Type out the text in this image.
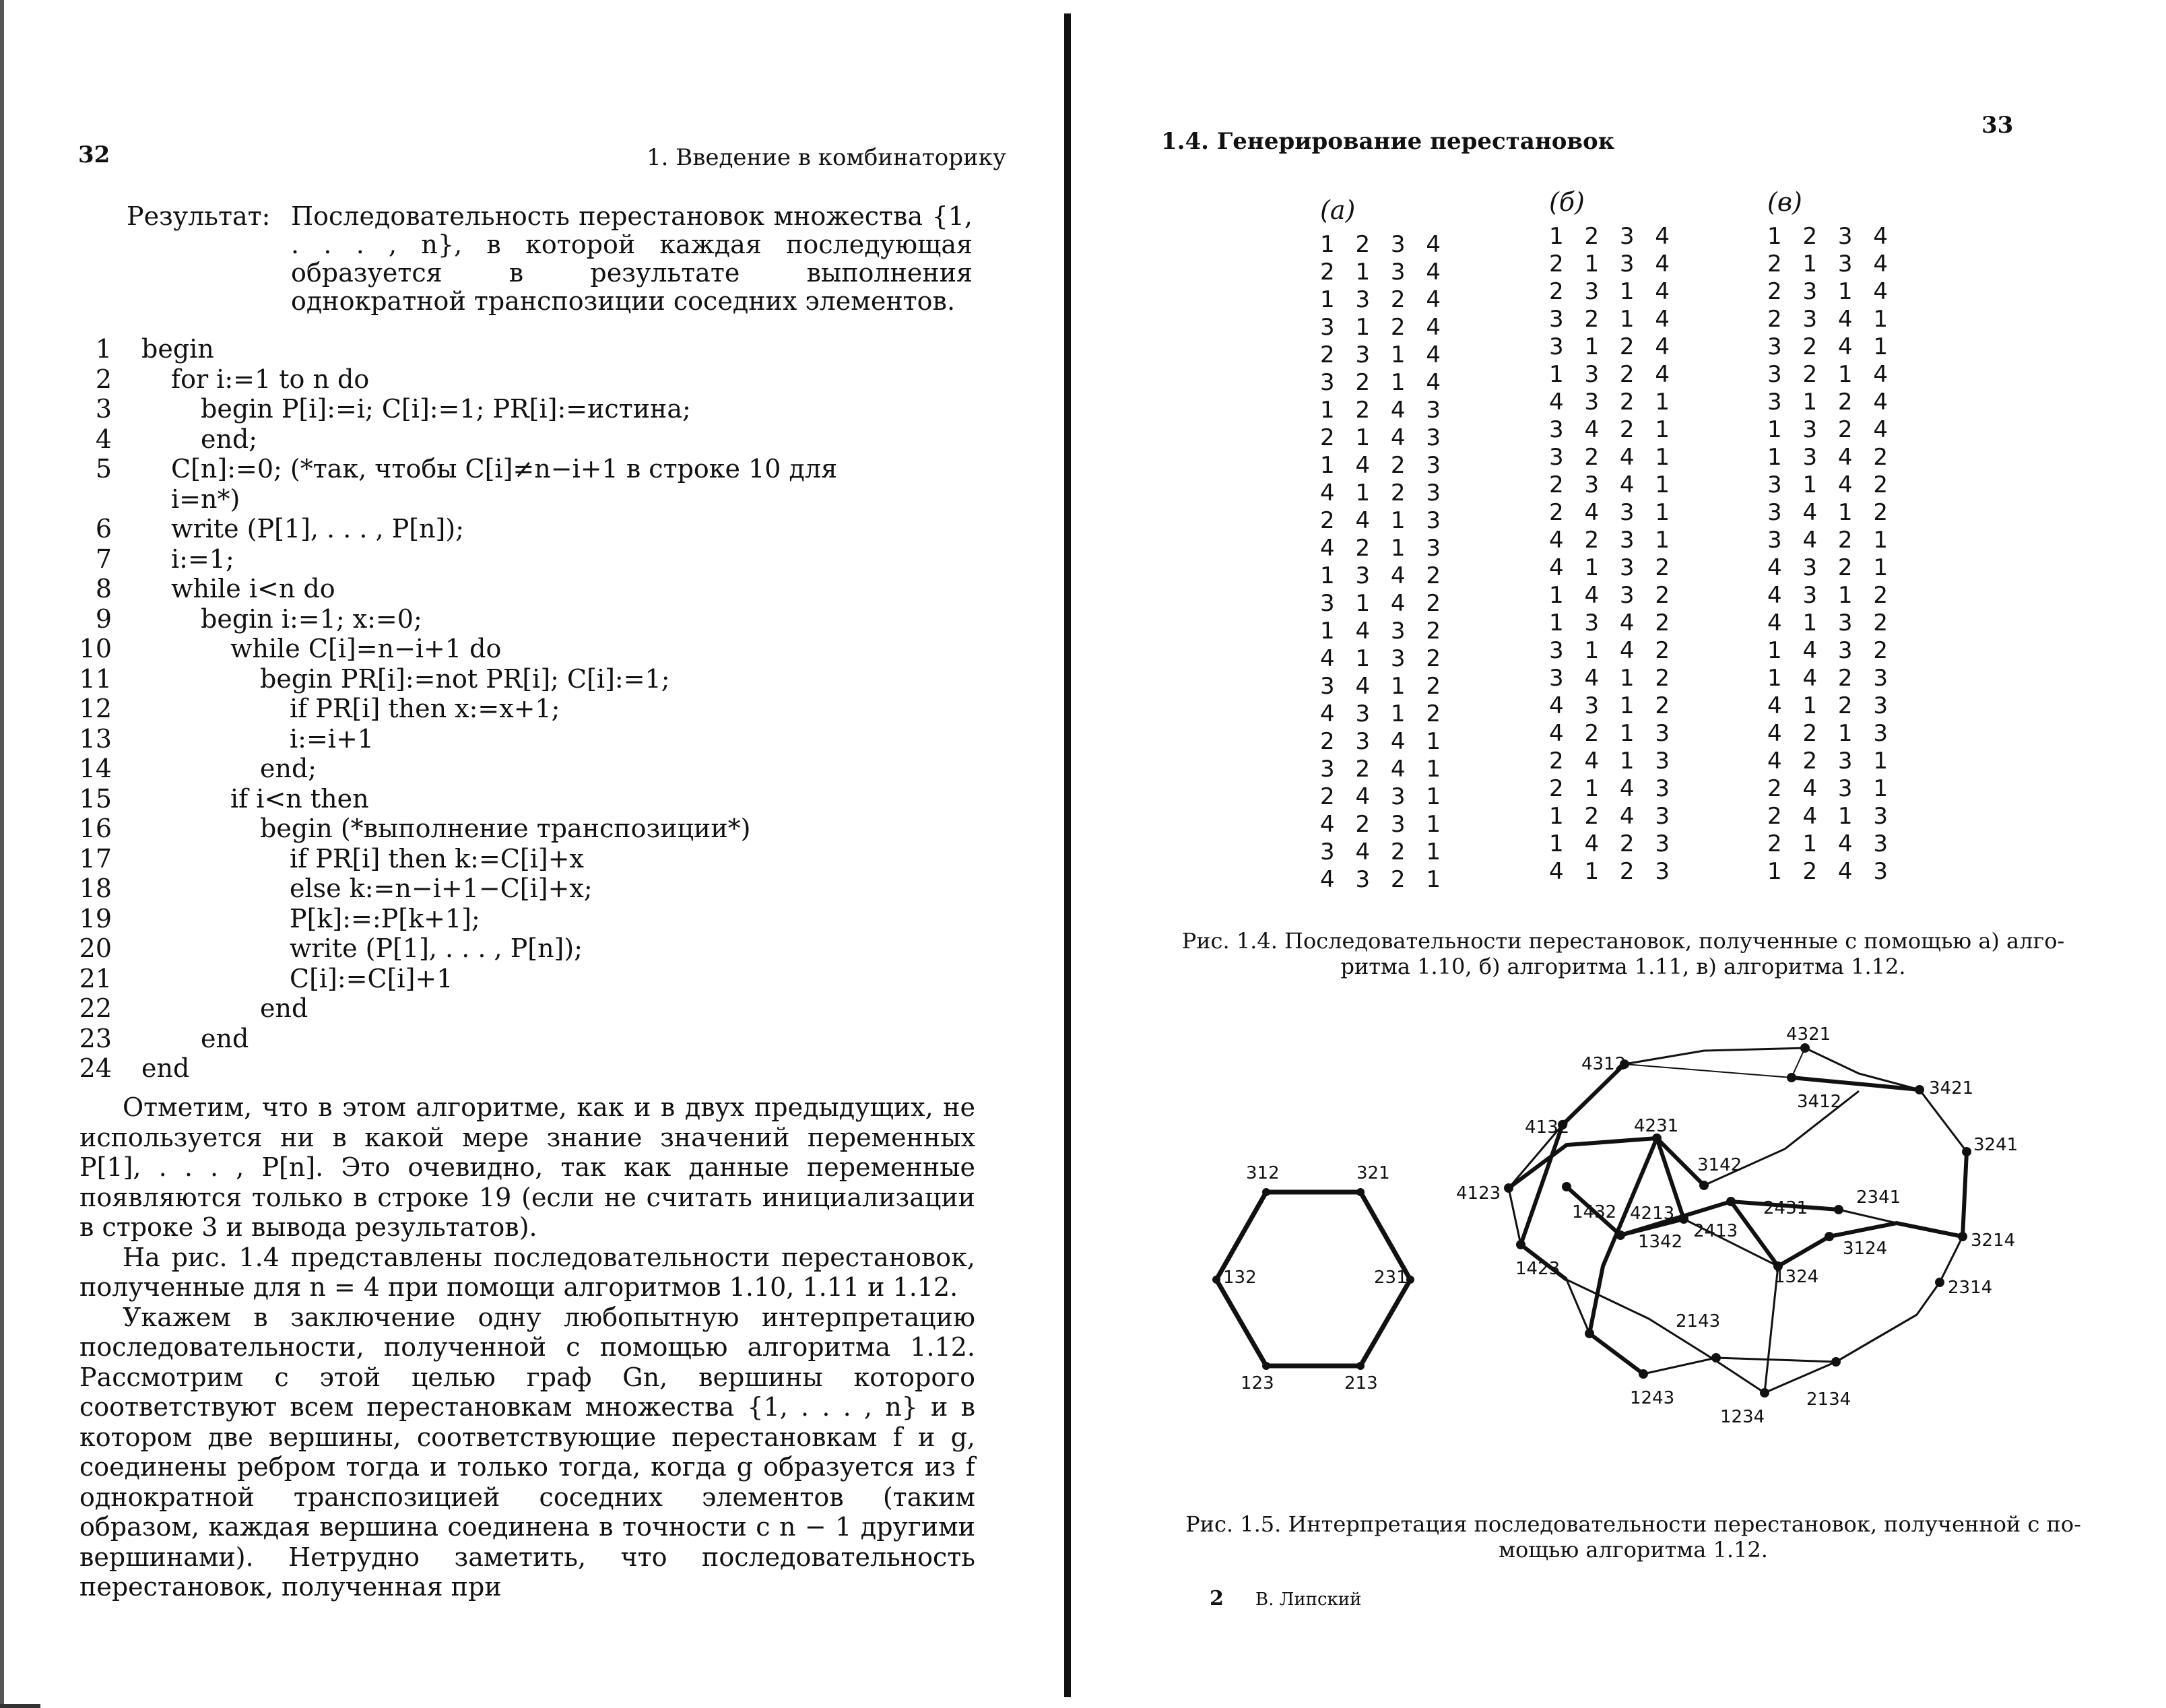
32	1. Введение в комбинаторику
Результат: Последовательность перестановок множества {1, . . . , n}, в которой каждая последующая образуется в результате выполнения однократной транспозиции соседних элементов.
1 begin
2 for i:=1 to n do
3	begin P[i]:=i; C[i]:=1; PR[i]:=истина;
4	end;
5 C[n]:=0; (*так, чтобы C[i]≠n−i+1 в строке 10 для
i=n*)
6 write (P[1], . . . , P[n]);
7 i:=1;
8 while i<n do
9	begin i:=1; x:=0;
10	while C[i]=n−i+1 do
11	begin PR[i]:=not PR[i]; C[i]:=1;
12	if PR[i] then x:=x+1;
13	i:=i+1
14	end;
15	if i<n then
16	begin (*выполнение транспозиции*)
17	if PR[i] then k:=C[i]+x
18	else k:=n−i+1−C[i]+x;
19	P[k]:=:P[k+1];
20	write (P[1], . . . , P[n]);
21	C[i]:=C[i]+1
22	end
23	end
24 end

Отметим, что в этом алгоритме, как и в двух предыдущих, не используется ни в какой мере знание значений переменных P[1], . . . , P[n]. Это очевидно, так как данные переменные появляются только в строке 19 (если не считать инициализации в строке 3 и вывода результатов).

На рис. 1.4 представлены последовательности перестановок, полученные для n = 4 при помощи алгоритмов 1.10, 1.11 и 1.12.

Укажем в заключение одну любопытную интерпретацию последовательности, полученной с помощью алгоритма 1.12. Рассмотрим с этой целью граф Gn, вершины которого соответствуют всем перестановкам множества {1, . . . , n} и в котором две вершины, соответствующие перестановкам f и g, соединены ребром тогда и только тогда, когда g образуется из f однократной транспозицией соседних элементов (таким образом, каждая вершина соединена в точности с n − 1 другими вершинами). Нетрудно заметить, что последовательность перестановок, полученная при

33
1.4. Генерирование перестановок
(a)
1 2 3 4
2 1 3 4
1 3 2 4
3 1 2 4
2 3 1 4
3 2 1 4
1 2 4 3
2 1 4 3
1 4 2 3
4 1 2 3
2 4 1 3
4 2 1 3
1 3 4 2
3 1 4 2
1 4 3 2
4 1 3 2
3 4 1 2
4 3 1 2
2 3 4 1
3 2 4 1
2 4 3 1
4 2 3 1
3 4 2 1
4 3 2 1
(б)
1 2 3 4
2 1 3 4
2 3 1 4
3 2 1 4
3 1 2 4
1 3 2 4
4 3 2 1
3 4 2 1
3 2 4 1
2 3 4 1
2 4 3 1
4 2 3 1
4 1 3 2
1 4 3 2
1 3 4 2
3 1 4 2
3 4 1 2
4 3 1 2
4 2 1 3
2 4 1 3
2 1 4 3
1 2 4 3
1 4 2 3
4 1 2 3
(в)
1 2 3 4
2 1 3 4
2 3 1 4
2 3 4 1
3 2 4 1
3 2 1 4
3 1 2 4
1 3 2 4
1 3 4 2
3 1 4 2
3 4 1 2
3 4 2 1
4 3 2 1
4 3 1 2
4 1 3 2
1 4 3 2
1 4 2 3
4 1 2 3
4 2 1 3
4 2 3 1
2 4 3 1
2 4 1 3
2 1 4 3
1 2 4 3
Рис. 1.4. Последовательности перестановок, полученные с помощью а) алго-
ритма 1.10, б) алгоритма 1.11, в) алгоритма 1.12.
312	321
132	231
123	213
4321
4312
3421
3412
4132	4231
3241
3142
4213	2431
4123
1432
2341
3214
1342
2413
3124
1423
2314
1324
2143
1243
1234
2134
Рис. 1.5. Интерпретация последовательности перестановок, полученной с по-
мощью алгоритма 1.12.
2 В. Липский
